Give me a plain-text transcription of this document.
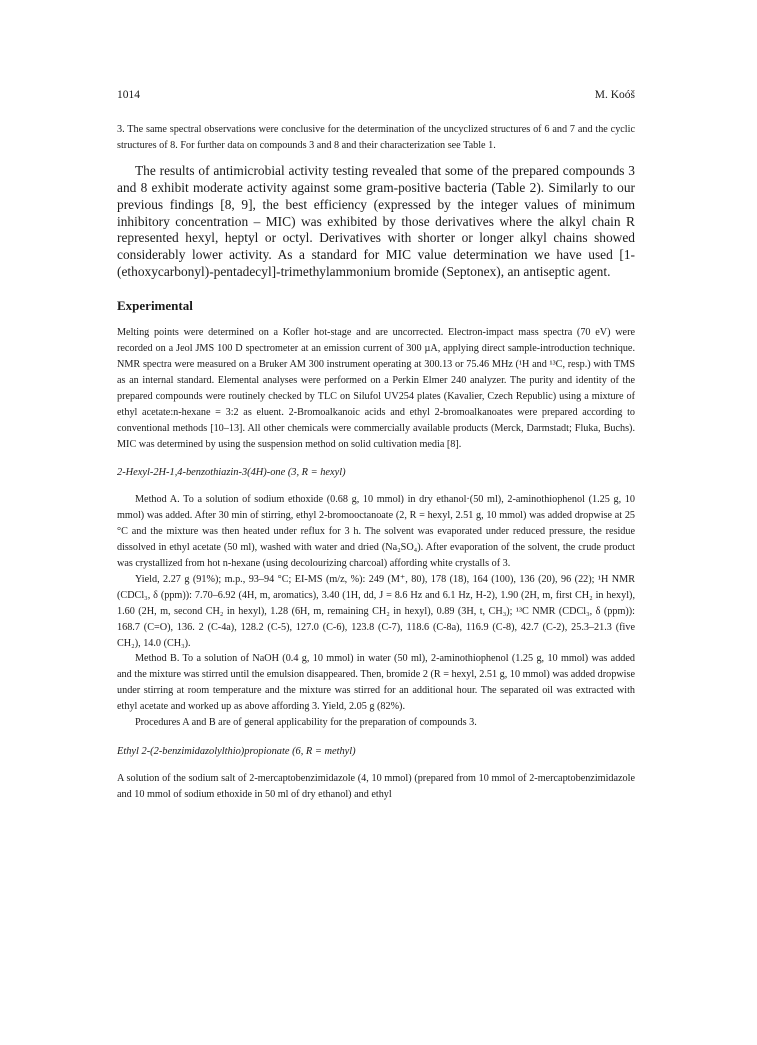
1014	M. Koóš

3. The same spectral observations were conclusive for the determination of the uncyclized structures of 6 and 7 and the cyclic structures of 8. For further data on compounds 3 and 8 and their characterization see Table 1.

The results of antimicrobial activity testing revealed that some of the prepared compounds 3 and 8 exhibit moderate activity against some gram-positive bacteria (Table 2). Similarly to our previous findings [8, 9], the best efficiency (expressed by the integer values of minimum inhibitory concentration – MIC) was exhibited by those derivatives where the alkyl chain R represented hexyl, heptyl or octyl. Derivatives with shorter or longer alkyl chains showed considerably lower activity. As a standard for MIC value determination we have used [1-(ethoxycarbonyl)-pentadecyl]-trimethylammonium bromide (Septonex), an antiseptic agent.

Experimental

Melting points were determined on a Kofler hot-stage and are uncorrected. Electron-impact mass spectra (70 eV) were recorded on a Jeol JMS 100 D spectrometer at an emission current of 300 µA, applying direct sample-introduction technique. NMR spectra were measured on a Bruker AM 300 instrument operating at 300.13 or 75.46 MHz (¹H and ¹³C, resp.) with TMS as an internal standard. Elemental analyses were performed on a Perkin Elmer 240 analyzer. The purity and identity of the prepared compounds were routinely checked by TLC on Silufol UV254 plates (Kavalier, Czech Republic) using a mixture of ethyl acetate:n-hexane = 3:2 as eluent. 2-Bromoalkanoic acids and ethyl 2-bromoalkanoates were prepared according to conventional methods [10–13]. All other chemicals were commercially available products (Merck, Darmstadt; Fluka, Buchs). MIC was determined by using the suspension method on solid cultivation media [8].

2-Hexyl-2H-1,4-benzothiazin-3(4H)-one (3, R = hexyl)

Method A. To a solution of sodium ethoxide (0.68 g, 10 mmol) in dry ethanol·(50 ml), 2-aminothiophenol (1.25 g, 10 mmol) was added. After 30 min of stirring, ethyl 2-bromooctanoate (2, R = hexyl, 2.51 g, 10 mmol) was added dropwise at 25 °C and the mixture was then heated under reflux for 3 h. The solvent was evaporated under reduced pressure, the residue dissolved in ethyl acetate (50 ml), washed with water and dried (Na₂SO₄). After evaporation of the solvent, the crude product was crystallized from hot n-hexane (using decolourizing charcoal) affording white crystalls of 3.

Yield, 2.27 g (91%); m.p., 93–94 °C; EI-MS (m/z, %): 249 (M⁺, 80), 178 (18), 164 (100), 136 (20), 96 (22); ¹H NMR (CDCl₃, δ (ppm)): 7.70–6.92 (4H, m, aromatics), 3.40 (1H, dd, J = 8.6 Hz and 6.1 Hz, H-2), 1.90 (2H, m, first CH₂ in hexyl), 1.60 (2H, m, second CH₂ in hexyl), 1.28 (6H, m, remaining CH₂ in hexyl), 0.89 (3H, t, CH₃); ¹³C NMR (CDCl₃, δ (ppm)): 168.7 (C=O), 136. 2 (C-4a), 128.2 (C-5), 127.0 (C-6), 123.8 (C-7), 118.6 (C-8a), 116.9 (C-8), 42.7 (C-2), 25.3–21.3 (five CH₂), 14.0 (CH₃).

Method B. To a solution of NaOH (0.4 g, 10 mmol) in water (50 ml), 2-aminothiophenol (1.25 g, 10 mmol) was added and the mixture was stirred until the emulsion disappeared. Then, bromide 2 (R = hexyl, 2.51 g, 10 mmol) was added dropwise under stirring at room temperature and the mixture was stirred for an additional hour. The separated oil was extracted with ethyl acetate and worked up as above affording 3. Yield, 2.05 g (82%).

Procedures A and B are of general applicability for the preparation of compounds 3.

Ethyl 2-(2-benzimidazolylthio)propionate (6, R = methyl)

A solution of the sodium salt of 2-mercaptobenzimidazole (4, 10 mmol) (prepared from 10 mmol of 2-mercaptobenzimidazole and 10 mmol of sodium ethoxide in 50 ml of dry ethanol) and ethyl
